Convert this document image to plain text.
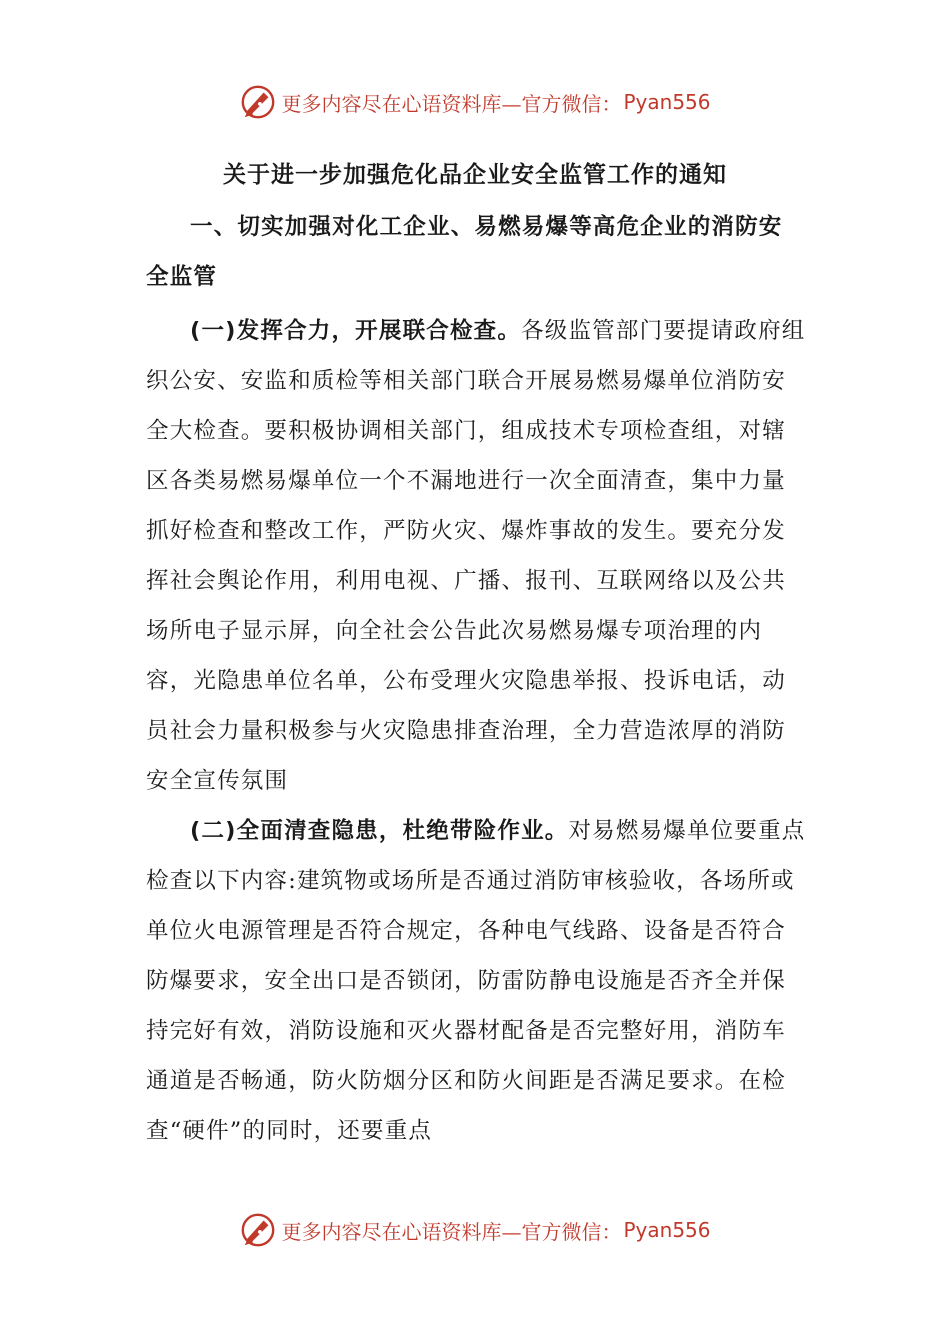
更多内容尽在心语资料库—官方微信： Pyan556
关于进一步加强危化品企业安全监管工作的通知

一、切实加强对化工企业、易燃易爆等高危企业的消防安全监管

(一)发挥合力，开展联合检查。各级监管部门要提请政府组织公安、安监和质检等相关部门联合开展易燃易爆单位消防安全大检查。要积极协调相关部门，组成技术专项检查组，对辖区各类易燃易爆单位一个不漏地进行一次全面清查，集中力量抓好检查和整改工作，严防火灾、爆炸事故的发生。要充分发挥社会舆论作用，利用电视、广播、报刊、互联网络以及公共场所电子显示屏，向全社会公告此次易燃易爆专项治理的内容，光隐患单位名单，公布受理火灾隐患举报、投诉电话，动员社会力量积极参与火灾隐患排查治理，全力营造浓厚的消防安全宣传氛围

(二)全面清查隐患，杜绝带险作业。对易燃易爆单位要重点检查以下内容:建筑物或场所是否通过消防审核验收，各场所或单位火电源管理是否符合规定，各种电气线路、设备是否符合防爆要求，安全出口是否锁闭，防雷防静电设施是否齐全并保持完好有效，消防设施和灭火器材配备是否完整好用，消防车通道是否畅通，防火防烟分区和防火间距是否满足要求。在检查“硬件”的同时，还要重点

更多内容尽在心语资料库—官方微信： Pyan556
